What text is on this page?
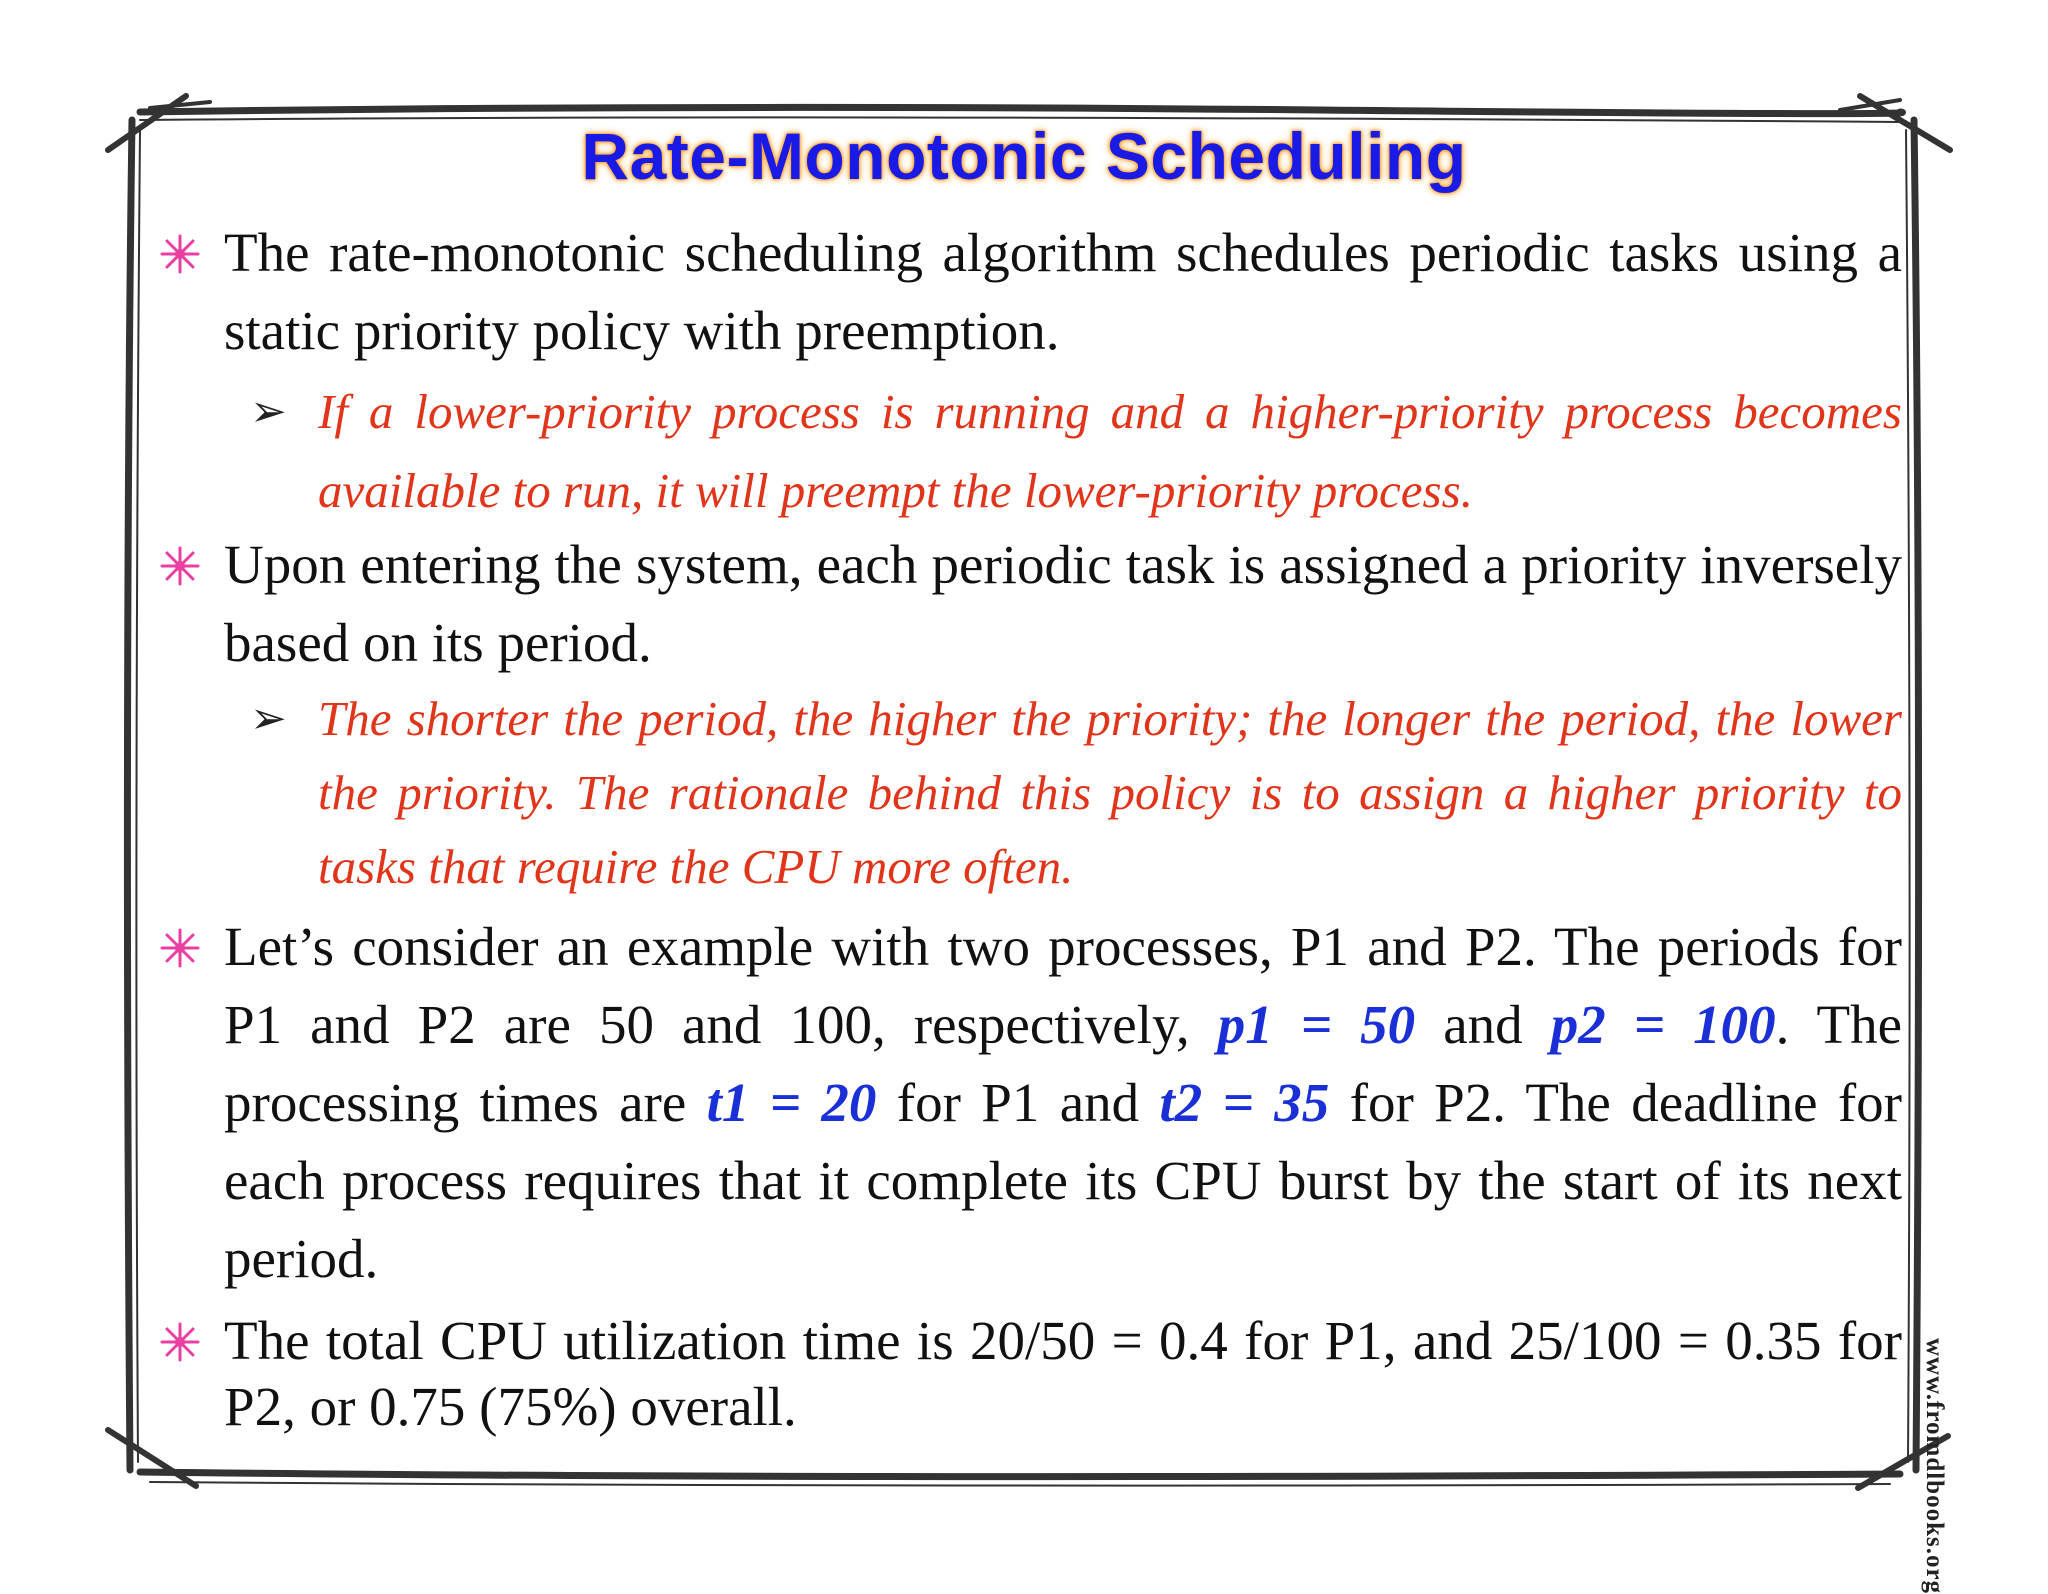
Rate-Monotonic Scheduling
The rate-monotonic scheduling algorithm schedules periodic tasks using a static priority policy with preemption.
➢ If a lower-priority process is running and a higher-priority process becomes available to run, it will preempt the lower-priority process.
Upon entering the system, each periodic task is assigned a priority inversely based on its period.
➢ The shorter the period, the higher the priority; the longer the period, the lower the priority. The rationale behind this policy is to assign a higher priority to tasks that require the CPU more often.
Let’s consider an example with two processes, P1 and P2. The periods for P1 and P2 are 50 and 100, respectively, p1 = 50 and p2 = 100. The processing times are t1 = 20 for P1 and t2 = 35 for P2. The deadline for each process requires that it complete its CPU burst by the start of its next period.
The total CPU utilization time is 20/50 = 0.4 for P1, and 25/100 = 0.35 for P2, or 0.75 (75%) overall.	www.fromdlbooks.org
